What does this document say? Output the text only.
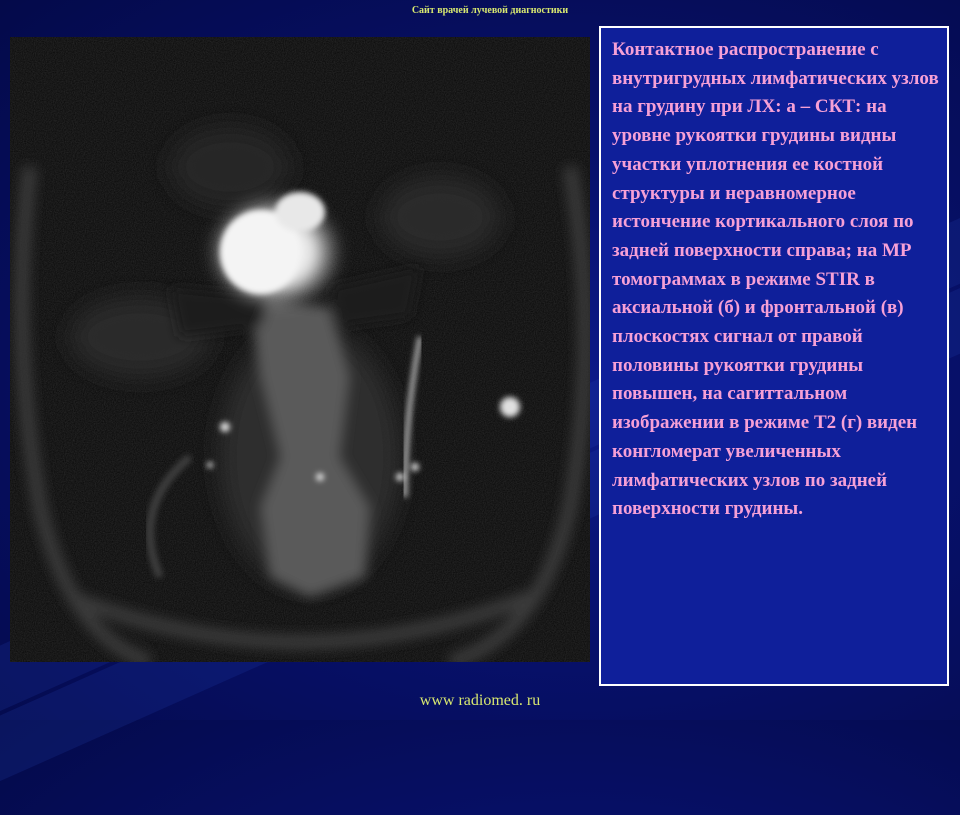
Сайт врачей лучевой диагностики

Контактное распространение с внутригрудных лимфатических узлов на грудину при ЛХ: а – СКТ: на уровне рукоятки грудины видны участки уплотнения ее костной структуры и неравномерное истончение кортикального слоя по задней поверхности справа; на МР томограммах в режиме STIR в аксиальной (б) и фронтальной (в) плоскостях сигнал от правой половины рукоятки грудины повышен, на сагиттальном изображении в режиме Т2 (г) виден конгломерат увеличенных лимфатических узлов по задней поверхности грудины.

www radiomed. ru
